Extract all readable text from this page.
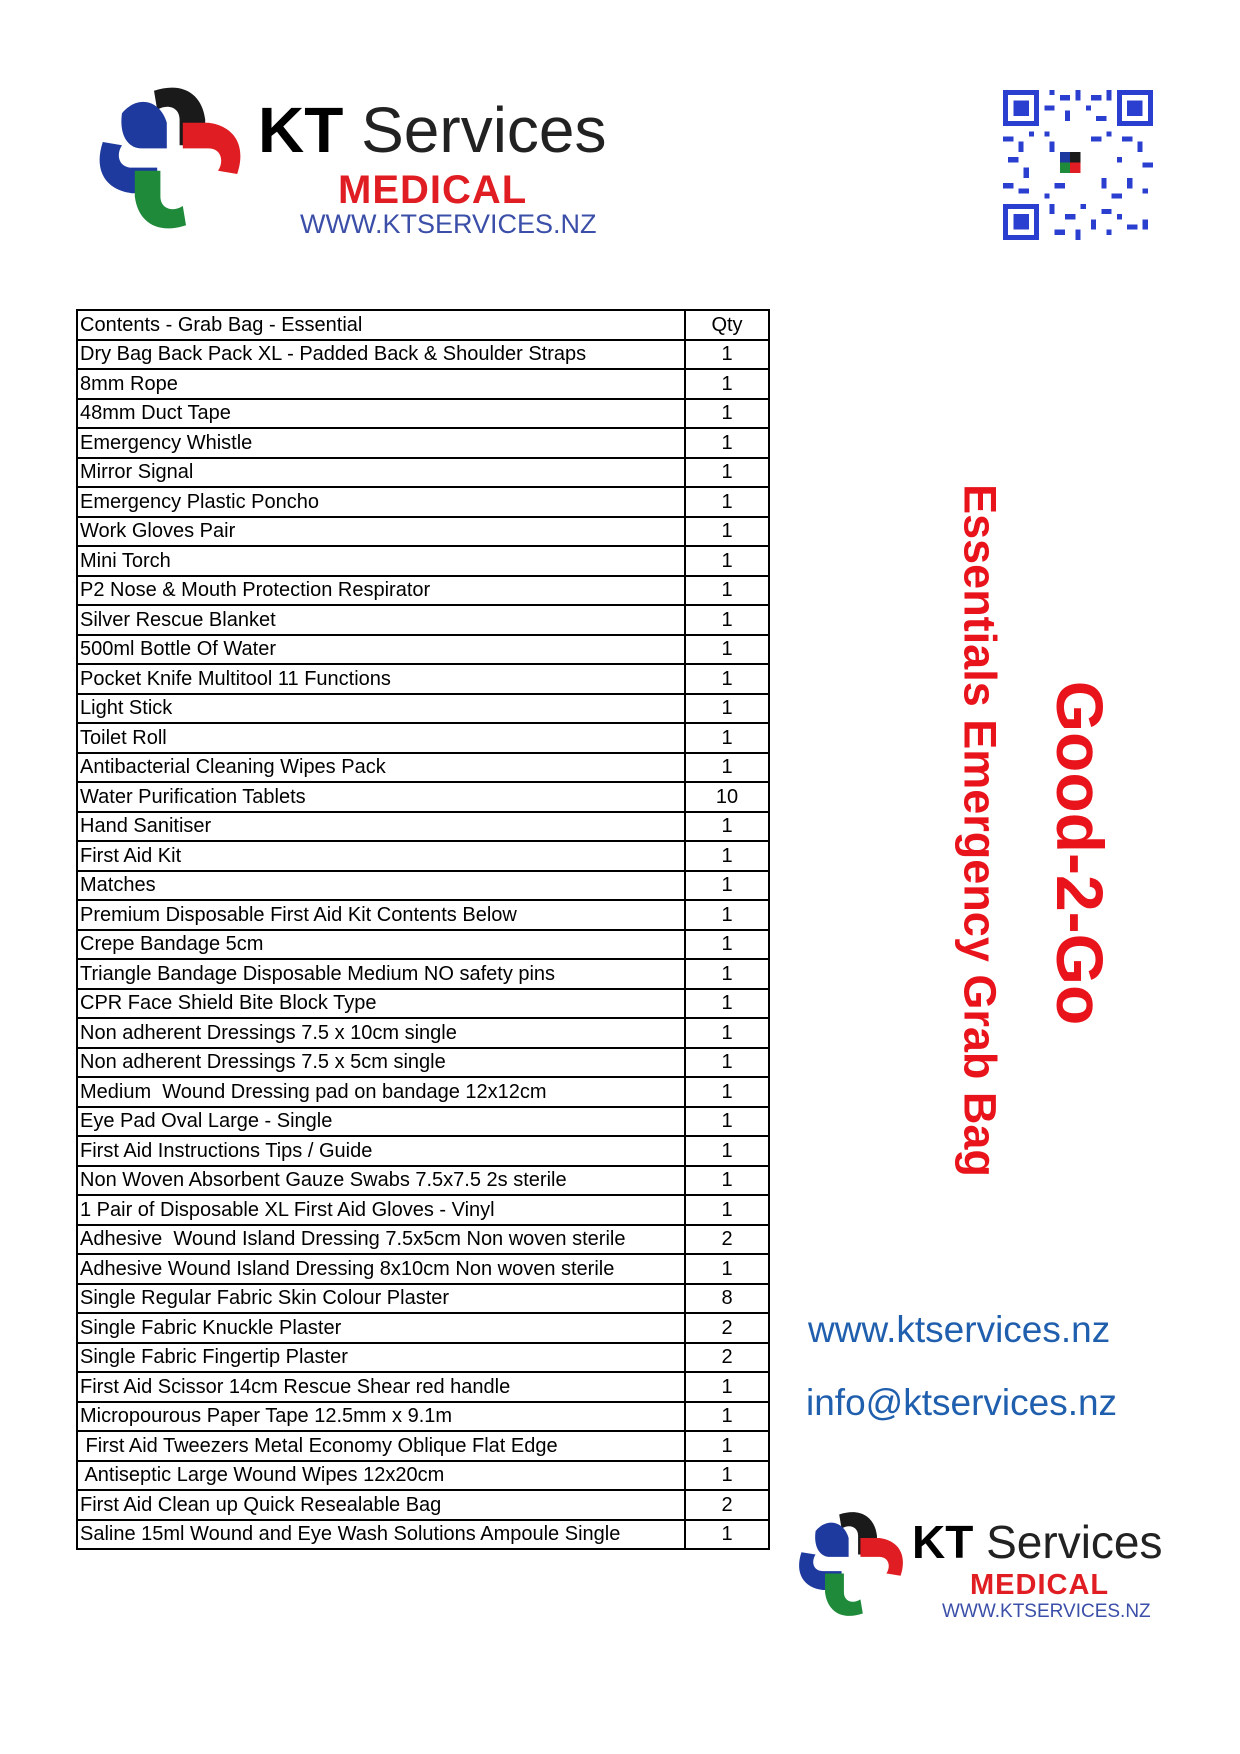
KT Services
MEDICAL
WWW.KTSERVICES.NZ
Contents - Grab Bag - Essential	Qty
Dry Bag Back Pack XL - Padded Back & Shoulder Straps	1
8mm Rope	1
48mm Duct Tape	1
Emergency Whistle	1
Mirror Signal	1
Emergency Plastic Poncho	1
Work Gloves Pair	1
Mini Torch	1
P2 Nose & Mouth Protection Respirator	1
Silver Rescue Blanket	1
500ml Bottle Of Water	1
Pocket Knife Multitool 11 Functions	1
Light Stick	1
Toilet Roll	1
Antibacterial Cleaning Wipes Pack	1
Water Purification Tablets	10
Hand Sanitiser	1
First Aid Kit	1
Matches	1
Premium Disposable First Aid Kit Contents Below	1
Crepe Bandage 5cm	1
Triangle Bandage Disposable Medium NO safety pins	1
CPR Face Shield Bite Block Type	1
Non adherent Dressings 7.5 x 10cm single	1
Non adherent Dressings 7.5 x 5cm single	1
Medium  Wound Dressing pad on bandage 12x12cm	1
Eye Pad Oval Large - Single	1
First Aid Instructions Tips / Guide	1
Non Woven Absorbent Gauze Swabs 7.5x7.5 2s sterile	1
1 Pair of Disposable XL First Aid Gloves - Vinyl	1
Adhesive  Wound Island Dressing 7.5x5cm Non woven sterile	2
Adhesive Wound Island Dressing 8x10cm Non woven sterile	1
Single Regular Fabric Skin Colour Plaster	8
Single Fabric Knuckle Plaster	2
Single Fabric Fingertip Plaster	2
First Aid Scissor 14cm Rescue Shear red handle	1
Micropourous Paper Tape 12.5mm x 9.1m	1
First Aid Tweezers Metal Economy Oblique Flat Edge	1
Antiseptic Large Wound Wipes 12x20cm	1
First Aid Clean up Quick Resealable Bag	2
Saline 15ml Wound and Eye Wash Solutions Ampoule Single	1
Good-2-Go
Essentials Emergency Grab Bag
www.ktservices.nz
info@ktservices.nz
KT Services
MEDICAL
WWW.KTSERVICES.NZ
